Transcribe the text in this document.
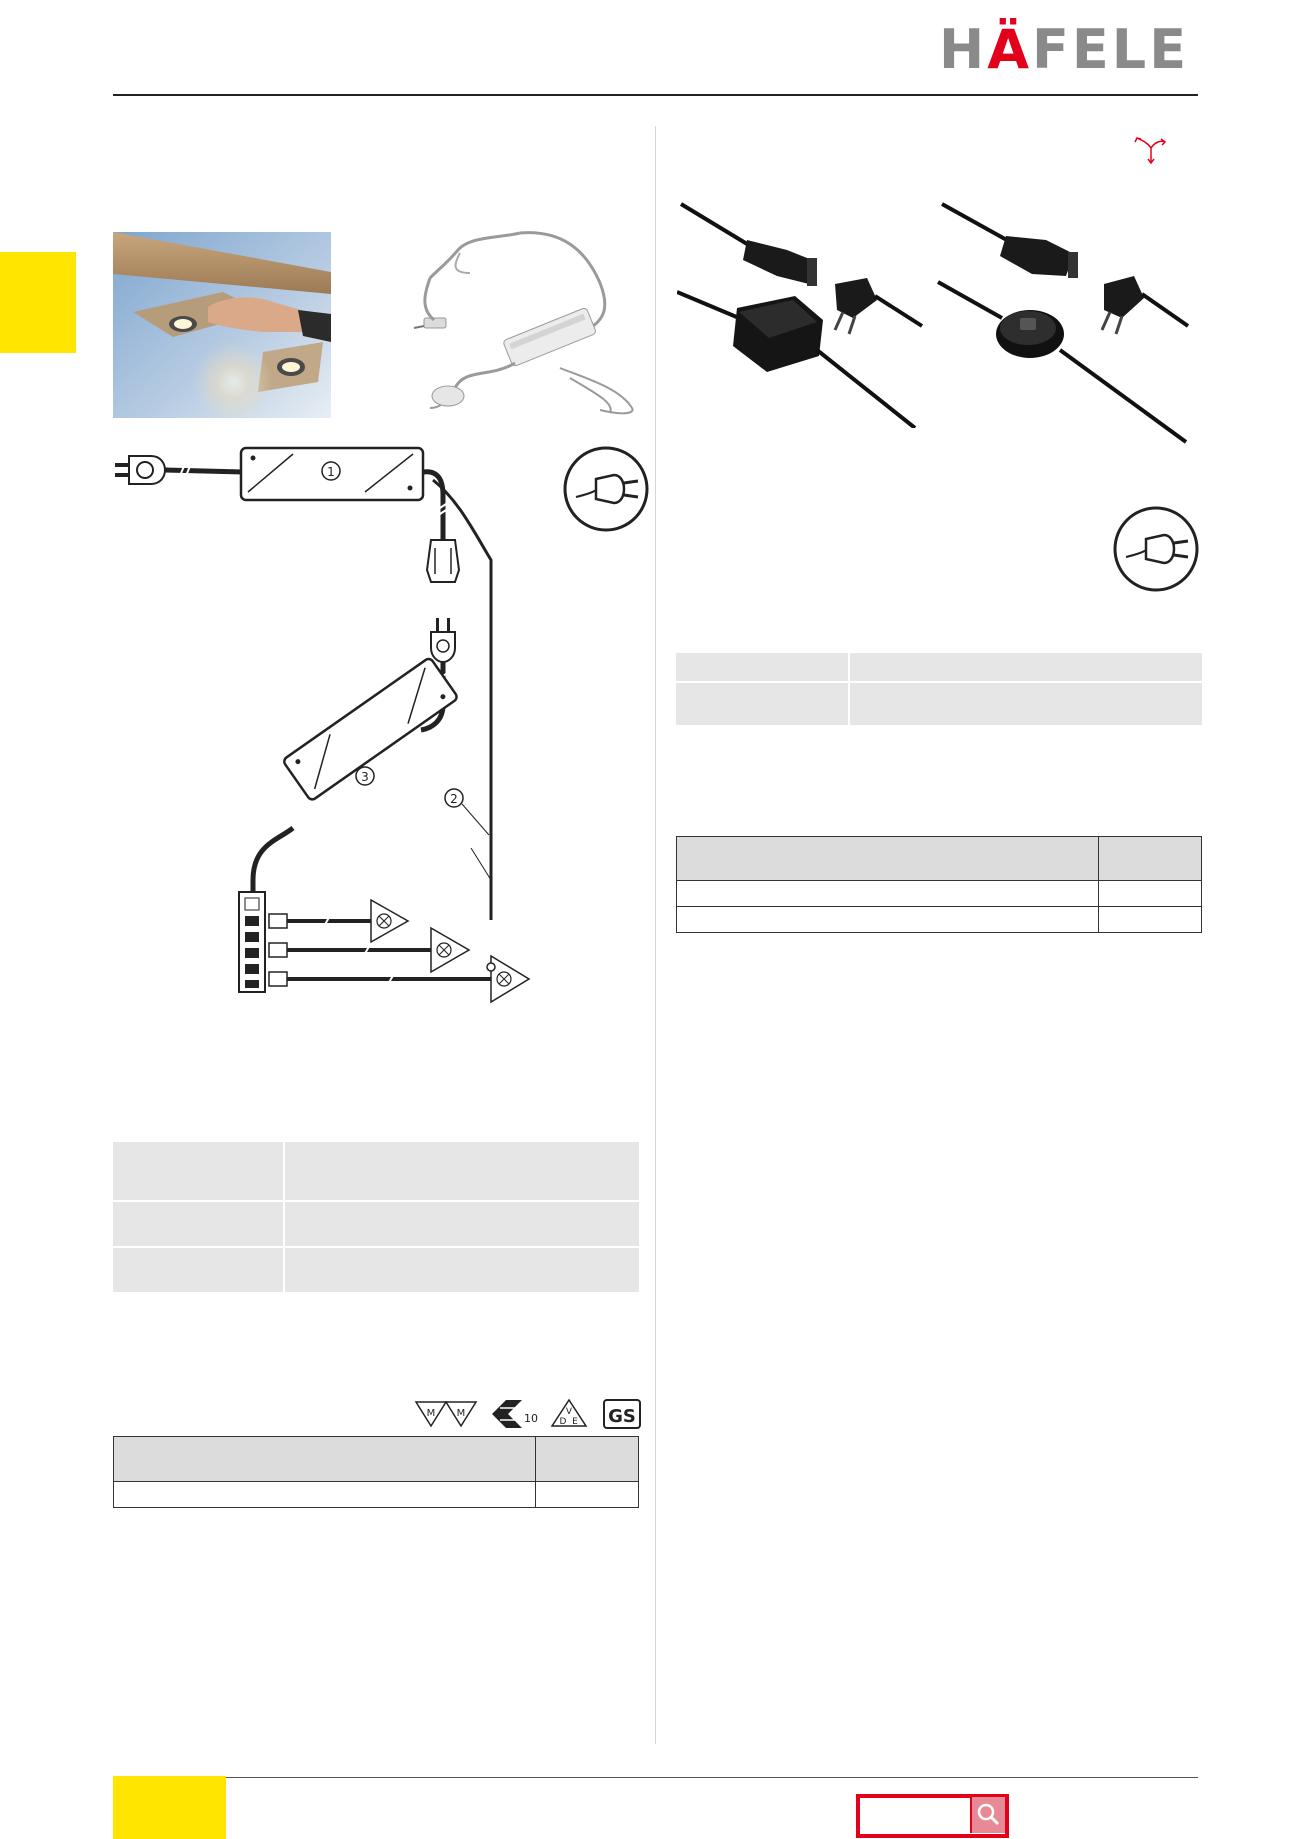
HÄFELE
1
2
3
M M	10	V
D E GS
